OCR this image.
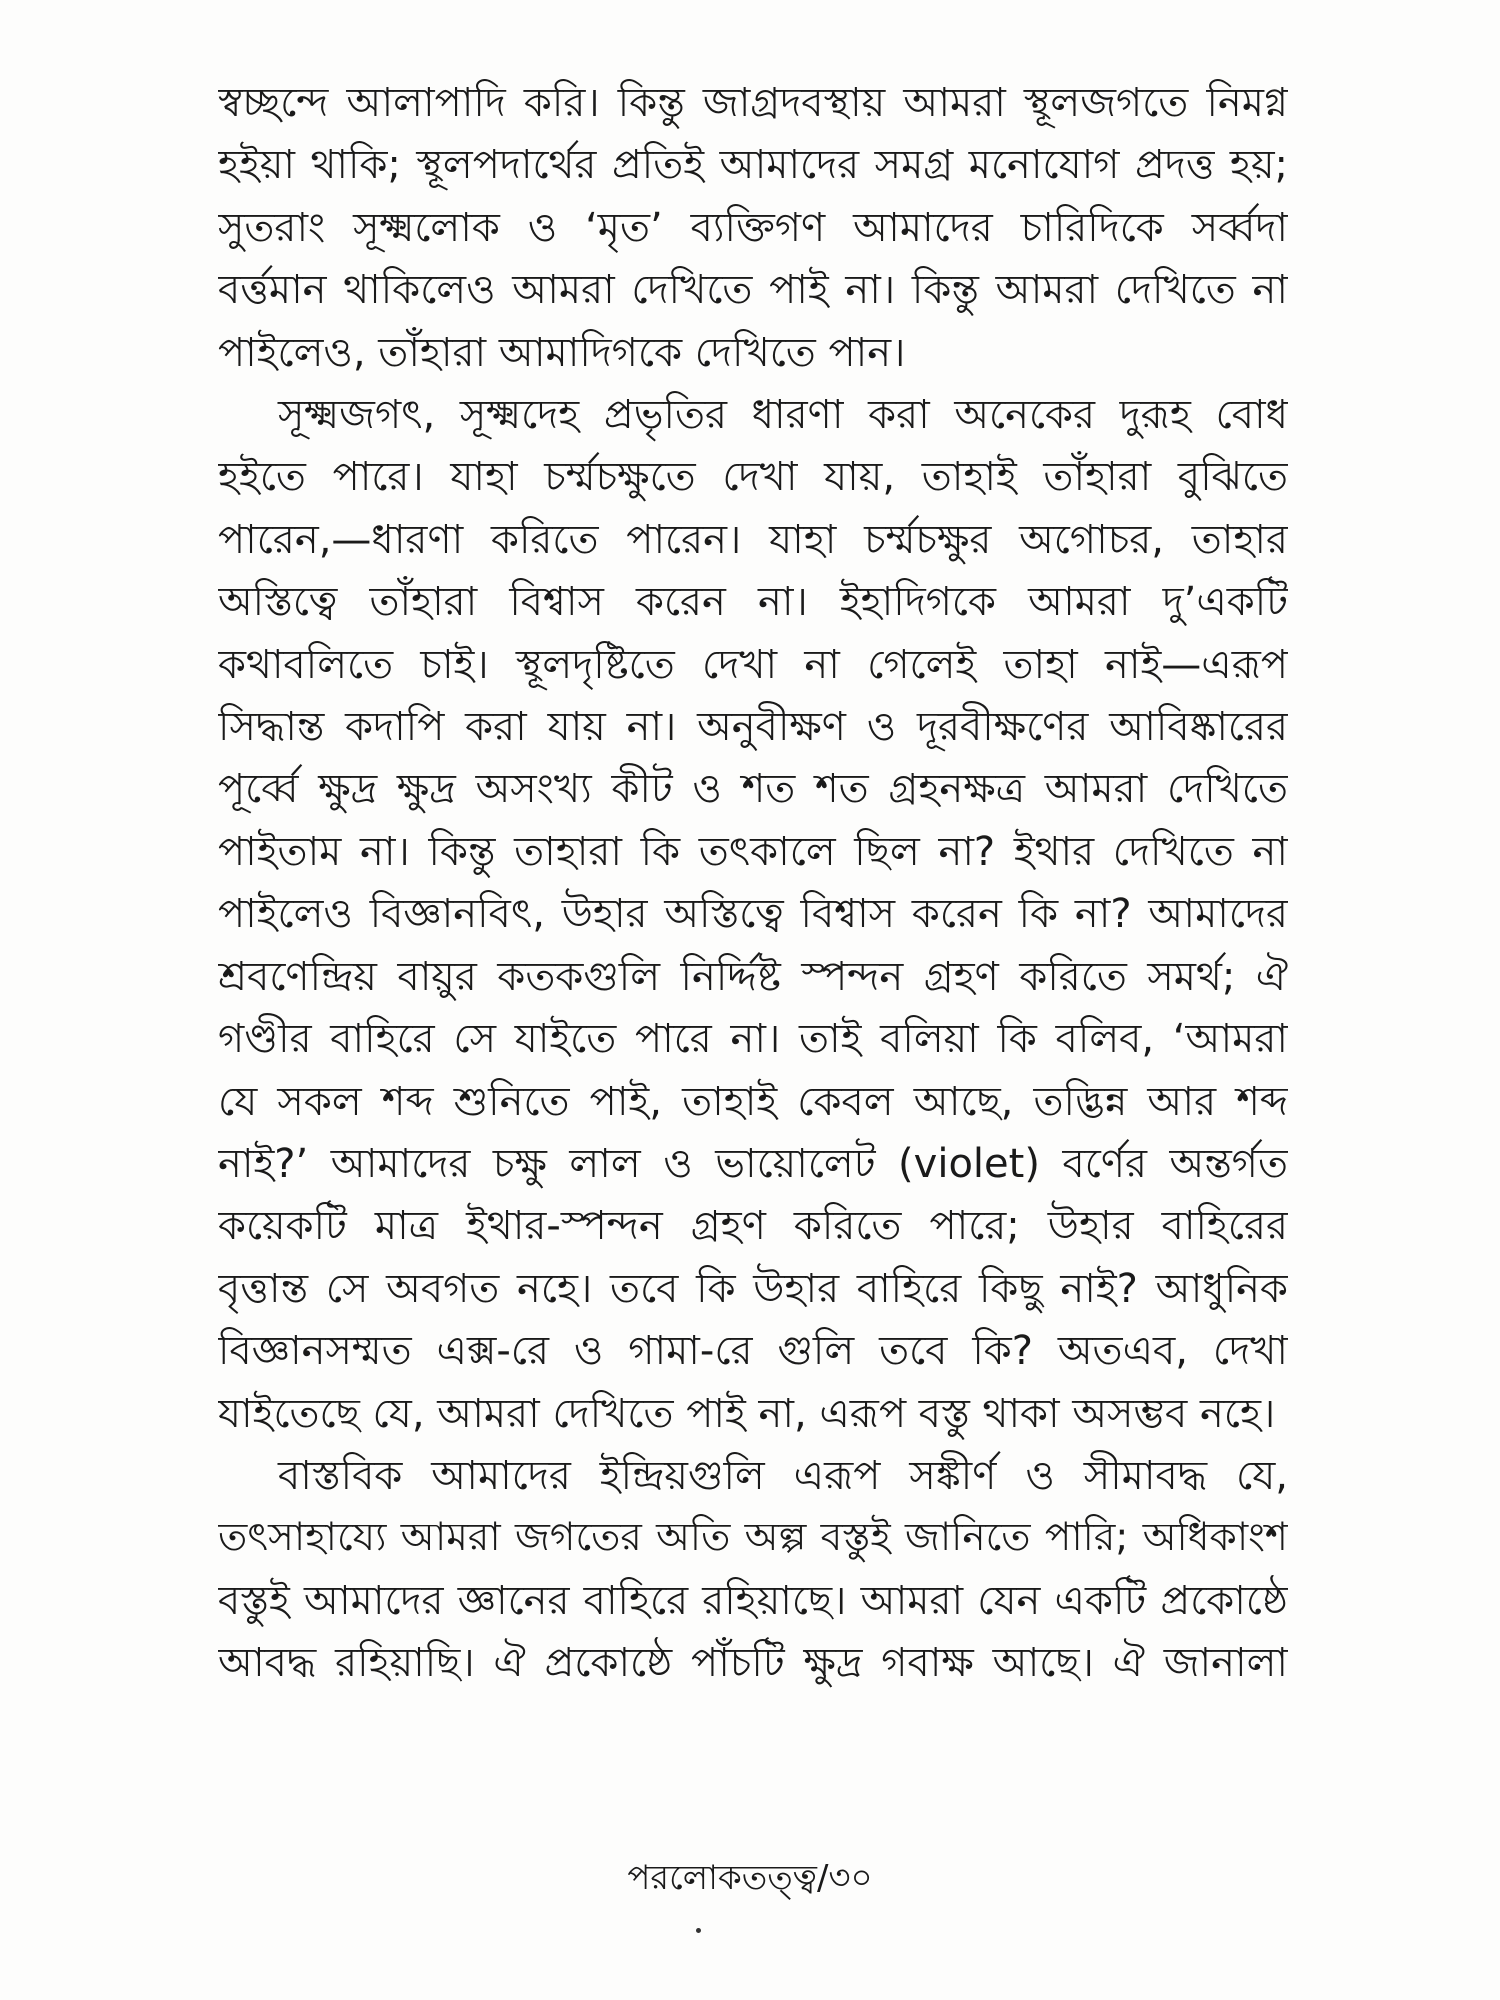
স্বচ্ছন্দে আলাপাদি করি। কিন্তু জাগ্রদবস্থায় আমরা স্থূলজগতে নিমগ্ন

হইয়া থাকি; স্থূলপদার্থের প্রতিই আমাদের সমগ্র মনোযোগ প্রদত্ত হয়;

সুতরাং সূক্ষ্মলোক ও ‘মৃত’ ব্যক্তিগণ আমাদের চারিদিকে সর্ব্বদা

বর্ত্তমান থাকিলেও আমরা দেখিতে পাই না। কিন্তু আমরা দেখিতে না

পাইলেও, তাঁহারা আমাদিগকে দেখিতে পান।

সূক্ষ্মজগৎ, সূক্ষ্মদেহ প্রভৃতির ধারণা করা অনেকের দুরূহ বোধ

হইতে পারে। যাহা চর্ম্মচক্ষুতে দেখা যায়, তাহাই তাঁহারা বুঝিতে

পারেন,—ধারণা করিতে পারেন। যাহা চর্ম্মচক্ষুর অগোচর, তাহার

অস্তিত্বে তাঁহারা বিশ্বাস করেন না। ইহাদিগকে আমরা দু’একটি

কথাবলিতে চাই। স্থূলদৃষ্টিতে দেখা না গেলেই তাহা নাই—এরূপ

সিদ্ধান্ত কদাপি করা যায় না। অনুবীক্ষণ ও দূরবীক্ষণের আবিষ্কারের

পূর্ব্বে ক্ষুদ্র ক্ষুদ্র অসংখ্য কীট ও শত শত গ্রহনক্ষত্র আমরা দেখিতে

পাইতাম না। কিন্তু তাহারা কি তৎকালে ছিল না? ইথার দেখিতে না

পাইলেও বিজ্ঞানবিৎ, উহার অস্তিত্বে বিশ্বাস করেন কি না? আমাদের

শ্রবণেন্দ্রিয় বায়ুর কতকগুলি নির্দ্দিষ্ট স্পন্দন গ্রহণ করিতে সমর্থ; ঐ

গণ্ডীর বাহিরে সে যাইতে পারে না। তাই বলিয়া কি বলিব, ‘আমরা

যে সকল শব্দ শুনিতে পাই, তাহাই কেবল আছে, তদ্ভিন্ন আর শব্দ

নাই?’ আমাদের চক্ষু লাল ও ভায়োলেট (violet) বর্ণের অন্তর্গত

কয়েকটি মাত্র ইথার-স্পন্দন গ্রহণ করিতে পারে; উহার বাহিরের

বৃত্তান্ত সে অবগত নহে। তবে কি উহার বাহিরে কিছু নাই? আধুনিক

বিজ্ঞানসম্মত এক্স-রে ও গামা-রে গুলি তবে কি? অতএব, দেখা

যাইতেছে যে, আমরা দেখিতে পাই না, এরূপ বস্তু থাকা অসম্ভব নহে।

বাস্তবিক আমাদের ইন্দ্রিয়গুলি এরূপ সঙ্কীর্ণ ও সীমাবদ্ধ যে,

তৎসাহায্যে আমরা জগতের অতি অল্প বস্তুই জানিতে পারি; অধিকাংশ

বস্তুই আমাদের জ্ঞানের বাহিরে রহিয়াছে। আমরা যেন একটি প্রকোষ্ঠে

আবদ্ধ রহিয়াছি। ঐ প্রকোষ্ঠে পাঁচটি ক্ষুদ্র গবাক্ষ আছে। ঐ জানালা

পরলোকতত্ত্ব/৩০
